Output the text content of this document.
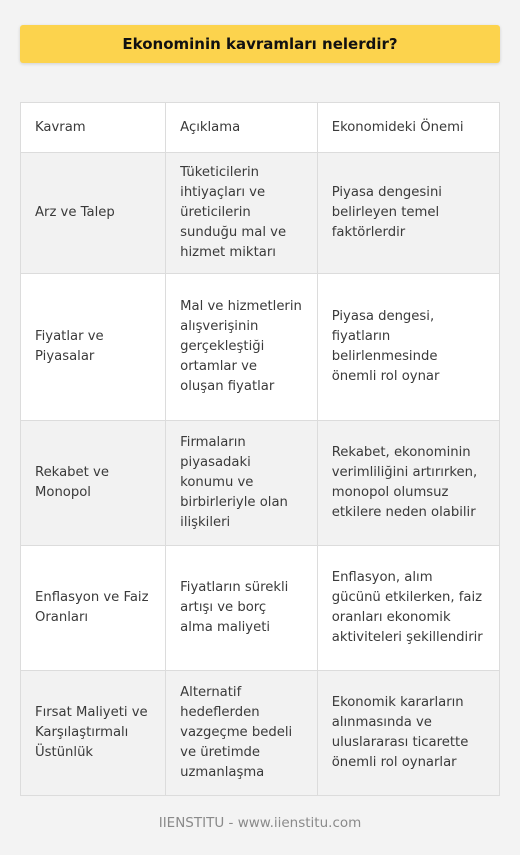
Ekonominin kavramları nelerdir?
Kavram	Açıklama	Ekonomideki Önemi
Arz ve Talep	Tüketicilerin ihtiyaçları ve üreticilerin sunduğu mal ve hizmet miktarı	Piyasa dengesini belirleyen temel faktörlerdir
Fiyatlar ve Piyasalar	Mal ve hizmetlerin alışverişinin gerçekleştiği ortamlar ve oluşan fiyatlar	Piyasa dengesi, fiyatların belirlenmesinde önemli rol oynar
Rekabet ve Monopol	Firmaların piyasadaki konumu ve birbirleriyle olan ilişkileri	Rekabet, ekonominin verimliliğini artırırken, monopol olumsuz etkilere neden olabilir
Enflasyon ve Faiz Oranları	Fiyatların sürekli artışı ve borç alma maliyeti	Enflasyon, alım gücünü etkilerken, faiz oranları ekonomik aktiviteleri şekillendirir
Fırsat Maliyeti ve Karşılaştırmalı Üstünlük	Alternatif hedeflerden vazgeçme bedeli ve üretimde uzmanlaşma	Ekonomik kararların alınmasında ve uluslararası ticarette önemli rol oynarlar
IIENSTITU - www.iienstitu.com
